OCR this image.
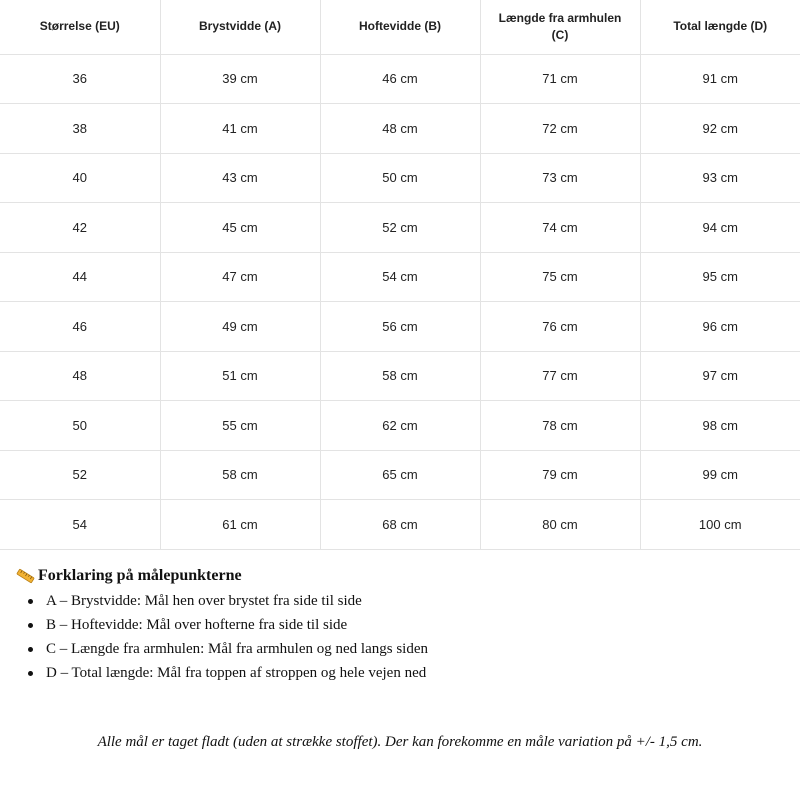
Størrelse (EU)	Brystvidde (A)	Hoftevidde (B)	Længde fra armhulen (C)	Total længde (D)
36	39 cm	46 cm	71 cm	91 cm
38	41 cm	48 cm	72 cm	92 cm
40	43 cm	50 cm	73 cm	93 cm
42	45 cm	52 cm	74 cm	94 cm
44	47 cm	54 cm	75 cm	95 cm
46	49 cm	56 cm	76 cm	96 cm
48	51 cm	58 cm	77 cm	97 cm
50	55 cm	62 cm	78 cm	98 cm
52	58 cm	65 cm	79 cm	99 cm
54	61 cm	68 cm	80 cm	100 cm
Forklaring på målepunkterne
A – Brystvidde: Mål hen over brystet fra side til side
B – Hoftevidde: Mål over hofterne fra side til side
C – Længde fra armhulen: Mål fra armhulen og ned langs siden
D – Total længde: Mål fra toppen af stroppen og hele vejen ned

Alle mål er taget fladt (uden at strække stoffet). Der kan forekomme en måle variation på +/- 1,5 cm.
